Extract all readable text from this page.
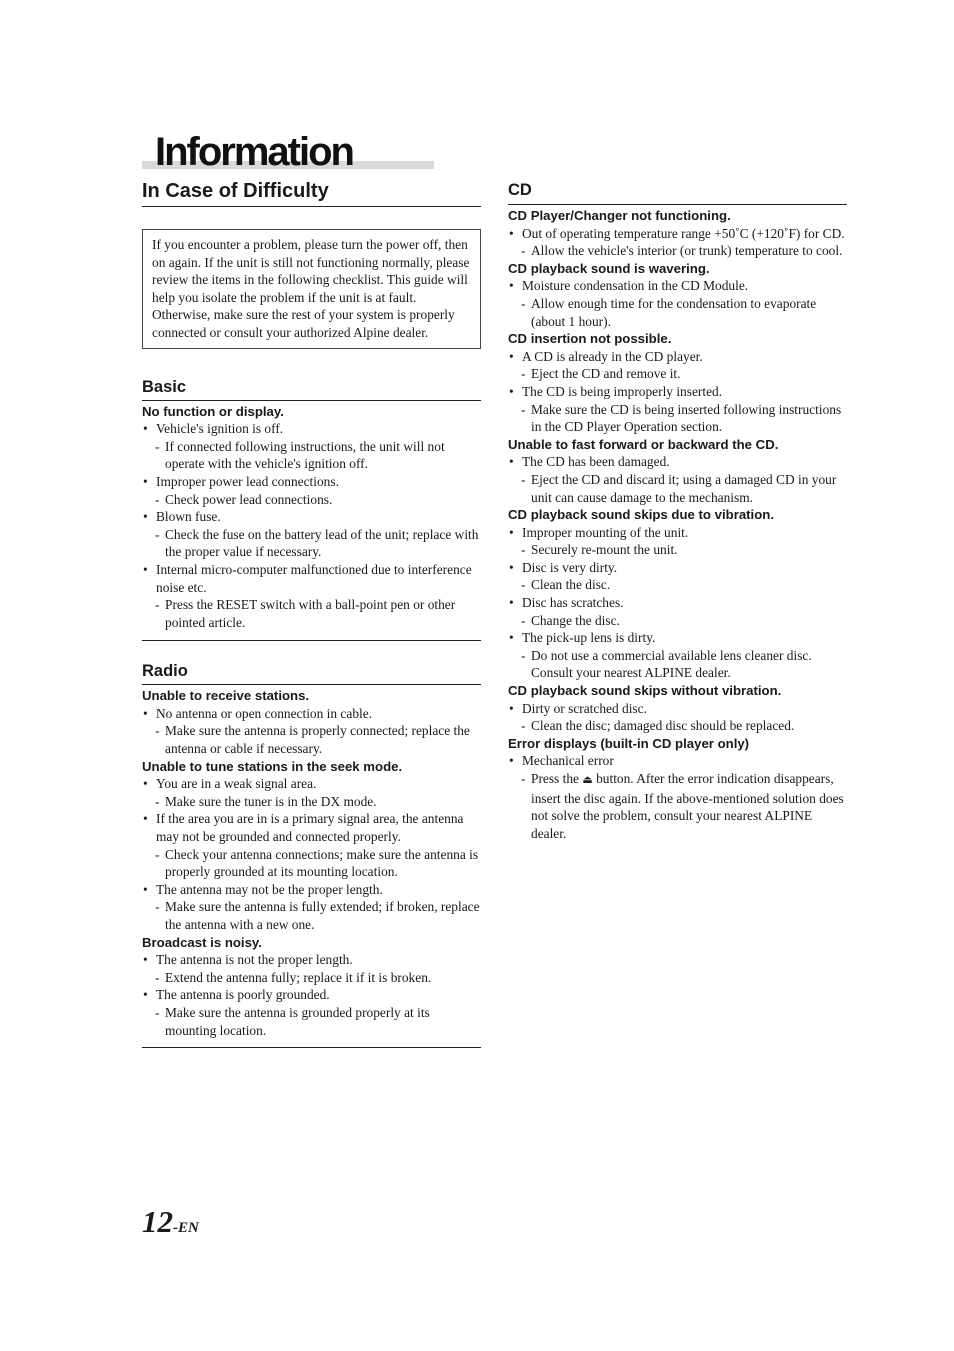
Information
In Case of Difficulty
If you encounter a problem, please turn the power off, then on again. If the unit is still not functioning normally, please review the items in the following checklist. This guide will help you isolate the problem if the unit is at fault. Otherwise, make sure the rest of your system is properly connected or consult your authorized Alpine dealer.
Basic
No function or display.
• Vehicle's ignition is off.
- If connected following instructions, the unit will not operate with the vehicle's ignition off.
• Improper power lead connections.
- Check power lead connections.
• Blown fuse.
- Check the fuse on the battery lead of the unit; replace with the proper value if necessary.
• Internal micro-computer malfunctioned due to interference noise etc.
- Press the RESET switch with a ball-point pen or other pointed article.
Radio
Unable to receive stations.
• No antenna or open connection in cable.
- Make sure the antenna is properly connected; replace the antenna or cable if necessary.
Unable to tune stations in the seek mode.
• You are in a weak signal area.
- Make sure the tuner is in the DX mode.
• If the area you are in is a primary signal area, the antenna may not be grounded and connected properly.
- Check your antenna connections; make sure the antenna is properly grounded at its mounting location.
• The antenna may not be the proper length.
- Make sure the antenna is fully extended; if broken, replace the antenna with a new one.
Broadcast is noisy.
• The antenna is not the proper length.
- Extend the antenna fully; replace it if it is broken.
• The antenna is poorly grounded.
- Make sure the antenna is grounded properly at its mounting location.
CD
CD Player/Changer not functioning.
• Out of operating temperature range +50˚C (+120˚F) for CD.
- Allow the vehicle's interior (or trunk) temperature to cool.
CD playback sound is wavering.
• Moisture condensation in the CD Module.
- Allow enough time for the condensation to evaporate (about 1 hour).
CD insertion not possible.
• A CD is already in the CD player.
- Eject the CD and remove it.
• The CD is being improperly inserted.
- Make sure the CD is being inserted following instructions in the CD Player Operation section.
Unable to fast forward or backward the CD.
• The CD has been damaged.
- Eject the CD and discard it; using a damaged CD in your unit can cause damage to the mechanism.
CD playback sound skips due to vibration.
• Improper mounting of the unit.
- Securely re-mount the unit.
• Disc is very dirty.
- Clean the disc.
• Disc has scratches.
- Change the disc.
• The pick-up lens is dirty.
- Do not use a commercial available lens cleaner disc. Consult your nearest ALPINE dealer.
CD playback sound skips without vibration.
• Dirty or scratched disc.
- Clean the disc; damaged disc should be replaced.
Error displays (built-in CD player only)
• Mechanical error
- Press the ⏏ button. After the error indication disappears, insert the disc again. If the above-mentioned solution does not solve the problem, consult your nearest ALPINE dealer.
12-EN
